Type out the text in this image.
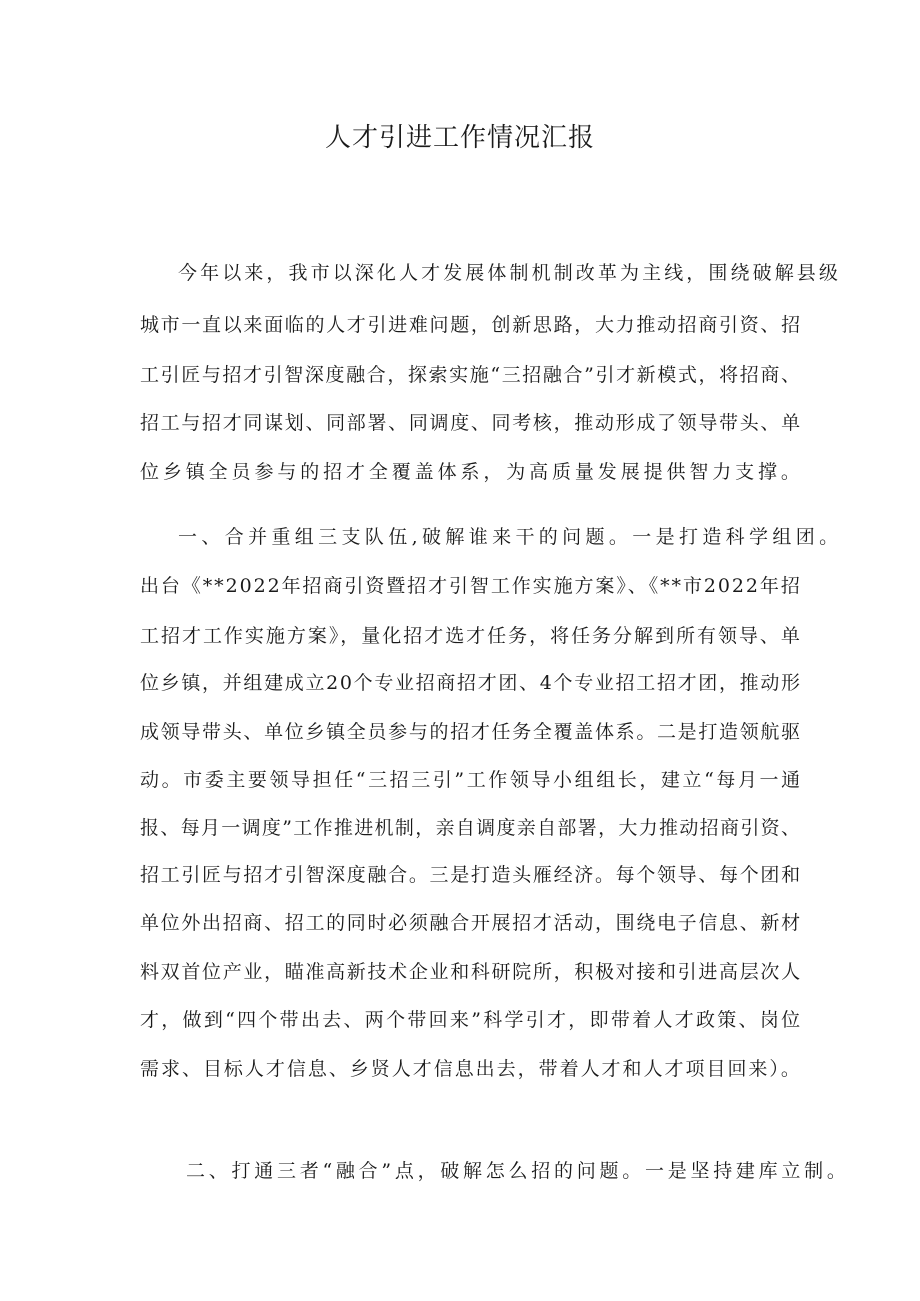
人才引进工作情况汇报
今年以来，我市以深化人才发展体制机制改革为主线，围绕破解县级
城市一直以来面临的人才引进难问题，创新思路，大力推动招商引资、招
工引匠与招才引智深度融合，探索实施“三招融合”引才新模式，将招商、
招工与招才同谋划、同部署、同调度、同考核，推动形成了领导带头、单
位乡镇全员参与的招才全覆盖体系，为高质量发展提供智力支撑。
一、合并重组三支队伍,破解谁来干的问题。一是打造科学组团。
出台《**2022年招商引资暨招才引智工作实施方案》、《**市2022年招
工招才工作实施方案》，量化招才选才任务，将任务分解到所有领导、单
位乡镇，并组建成立20个专业招商招才团、4个专业招工招才团，推动形
成领导带头、单位乡镇全员参与的招才任务全覆盖体系。二是打造领航驱
动。市委主要领导担任“三招三引”工作领导小组组长，建立“每月一通
报、每月一调度”工作推进机制，亲自调度亲自部署，大力推动招商引资、
招工引匠与招才引智深度融合。三是打造头雁经济。每个领导、每个团和
单位外出招商、招工的同时必须融合开展招才活动，围绕电子信息、新材
料双首位产业，瞄准高新技术企业和科研院所，积极对接和引进高层次人
才，做到“四个带出去、两个带回来”科学引才，即带着人才政策、岗位
需求、目标人才信息、乡贤人才信息出去，带着人才和人才项目回来）。
二、打通三者“融合”点，破解怎么招的问题。一是坚持建库立制。
